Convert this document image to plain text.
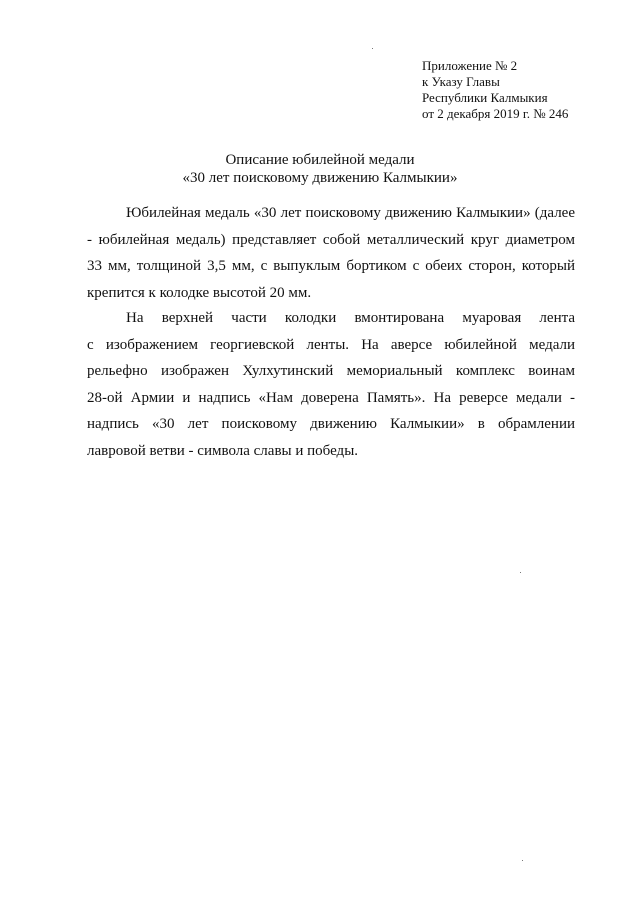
Приложение № 2
к Указу Главы
Республики Калмыкия
от 2 декабря 2019 г. № 246
Описание юбилейной медали
«30 лет поисковому движению Калмыкии»
Юбилейная медаль «30 лет поисковому движению Калмыкии» (далее
- юбилейная медаль) представляет собой металлический круг диаметром
33 мм, толщиной 3,5 мм, с выпуклым бортиком с обеих сторон, который
крепится к колодке высотой 20 мм.
На верхней части колодки вмонтирована муаровая лента
с изображением георгиевской ленты. На аверсе юбилейной медали
рельефно изображен Хулхутинский мемориальный комплекс воинам
28-ой Армии и надпись «Нам доверена Память». На реверсе медали -
надпись «30 лет поисковому движению Калмыкии» в обрамлении
лавровой ветви - символа славы и победы.
